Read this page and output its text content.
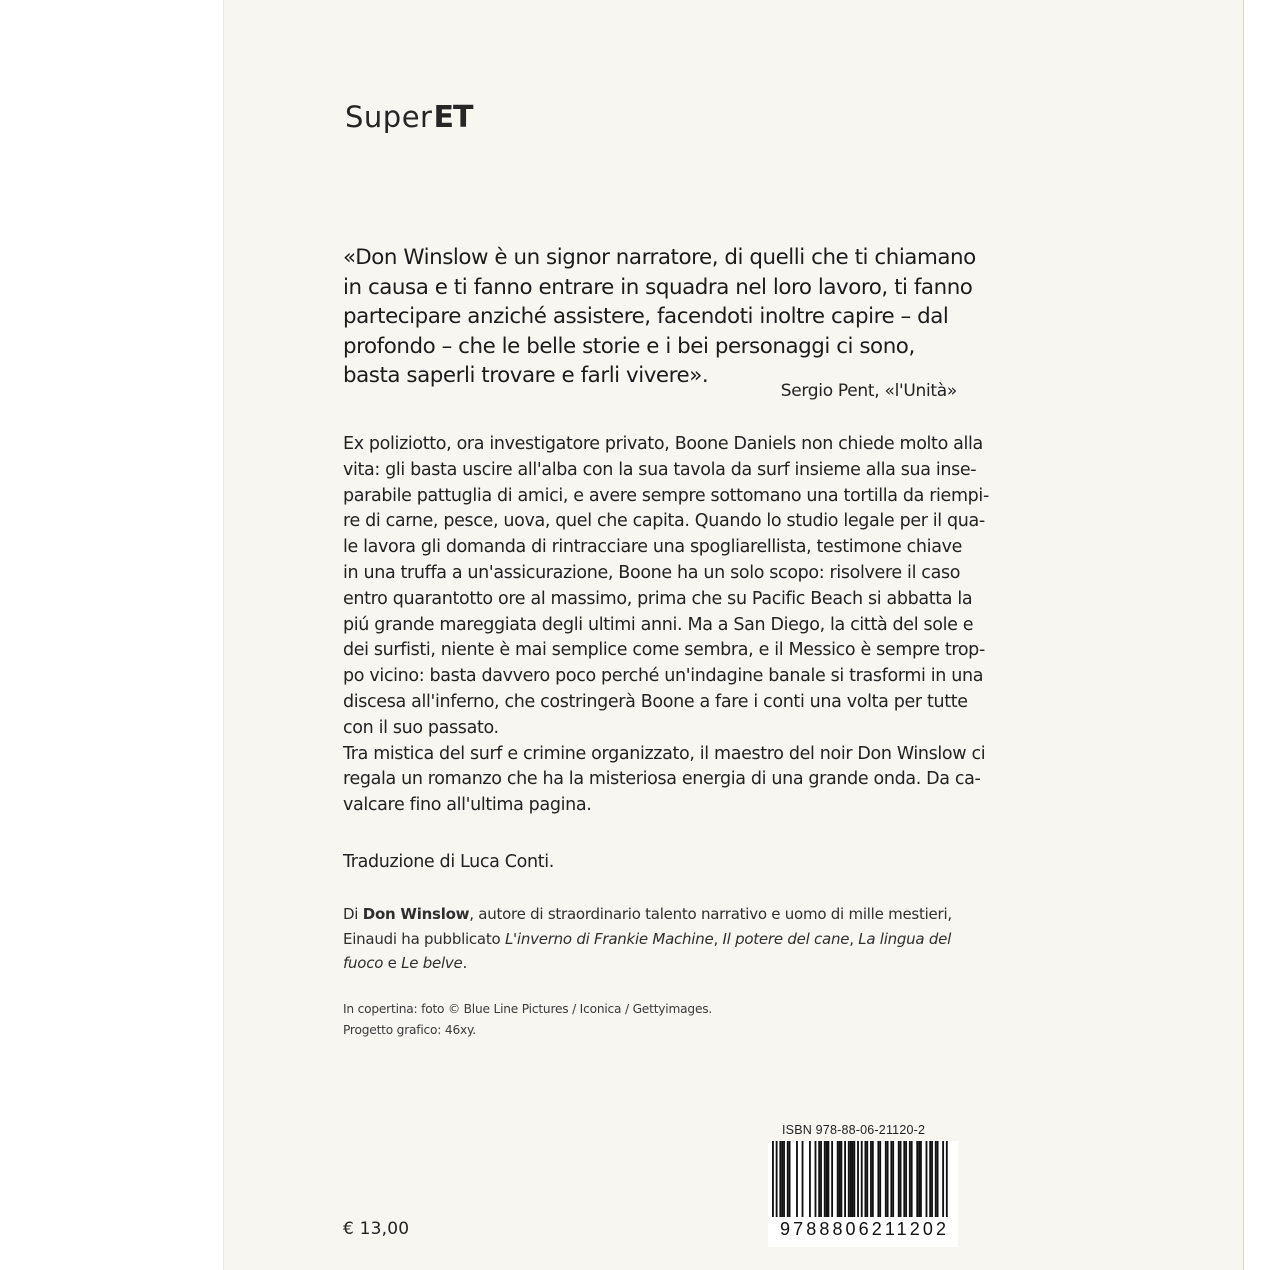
Super ET
«Don Winslow è un signor narratore, di quelli che ti chiamano
in causa e ti fanno entrare in squadra nel loro lavoro, ti fanno
partecipare anziché assistere, facendoti inoltre capire – dal
profondo – che le belle storie e i bei personaggi ci sono,
basta saperli trovare e farli vivere».
Sergio Pent, «l'Unità»
Ex poliziotto, ora investigatore privato, Boone Daniels non chiede molto alla
vita: gli basta uscire all'alba con la sua tavola da surf insieme alla sua inse-
parabile pattuglia di amici, e avere sempre sottomano una tortilla da riempi-
re di carne, pesce, uova, quel che capita. Quando lo studio legale per il qua-
le lavora gli domanda di rintracciare una spogliarellista, testimone chiave
in una truffa a un'assicurazione, Boone ha un solo scopo: risolvere il caso
entro quarantotto ore al massimo, prima che su Pacific Beach si abbatta la
piú grande mareggiata degli ultimi anni. Ma a San Diego, la città del sole e
dei surfisti, niente è mai semplice come sembra, e il Messico è sempre trop-
po vicino: basta davvero poco perché un'indagine banale si trasformi in una
discesa all'inferno, che costringerà Boone a fare i conti una volta per tutte
con il suo passato.
Tra mistica del surf e crimine organizzato, il maestro del noir Don Winslow ci
regala un romanzo che ha la misteriosa energia di una grande onda. Da ca-
valcare fino all'ultima pagina.
Traduzione di Luca Conti.
Di Don Winslow, autore di straordinario talento narrativo e uomo di mille mestieri,
Einaudi ha pubblicato L'inverno di Frankie Machine, Il potere del cane, La lingua del
fuoco e Le belve.
In copertina: foto © Blue Line Pictures / Iconica / Gettyimages.
Progetto grafico: 46xy.
€ 13,00
ISBN 978-88-06-21120-2
9788806211202
